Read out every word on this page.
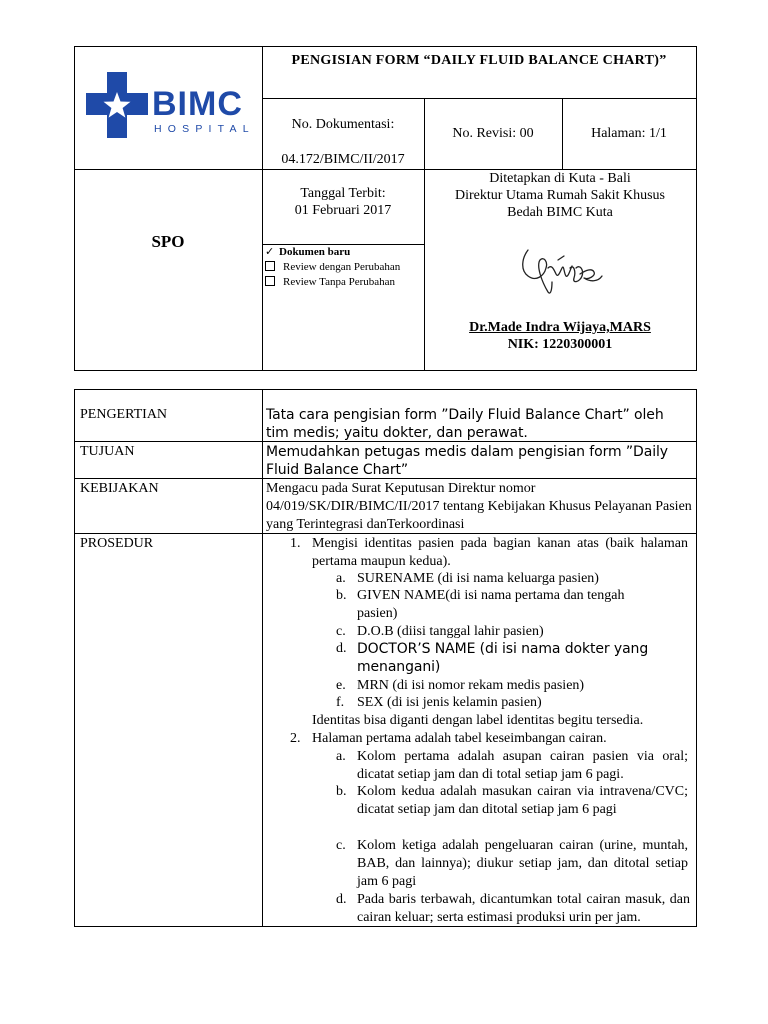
BIMC
HOSPITAL
PENGISIAN FORM “DAILY FLUID BALANCE CHART)”
No. Dokumentasi:
04.172/BIMC/II/2017
No. Revisi: 00	Halaman: 1/1
SPO
Tanggal Terbit:
01 Februari 2017
✓ Dokumen baru
Review dengan Perubahan
Review Tanpa Perubahan
Ditetapkan di Kuta - Bali
Direktur Utama Rumah Sakit Khusus
Bedah BIMC Kuta
Dr.Made Indra Wijaya,MARS
NIK: 1220300001
PENGERTIAN	Tata cara pengisian form ”Daily Fluid Balance Chart” oleh tim medis; yaitu dokter, dan perawat.
TUJUAN	Memudahkan petugas medis dalam pengisian form ”Daily Fluid Balance Chart”
KEBIJAKAN	Mengacu pada Surat Keputusan Direktur nomor 04/019/SK/DIR/BIMC/II/2017 tentang Kebijakan Khusus Pelayanan Pasien yang Terintegrasi danTerkoordinasi
PROSEDUR	1. Mengisi identitas pasien pada bagian kanan atas (baik halaman pertama maupun kedua).
a. SURENAME (di isi nama keluarga pasien)
b. GIVEN NAME(di isi nama pertama dan tengah pasien)
c. D.O.B (diisi tanggal lahir pasien)
d. DOCTOR’S NAME (di isi nama dokter yang menangani)
e. MRN (di isi nomor rekam medis pasien)
f. SEX (di isi jenis kelamin pasien)
Identitas bisa diganti dengan label identitas begitu tersedia.
2. Halaman pertama adalah tabel keseimbangan cairan.
a. Kolom pertama adalah asupan cairan pasien via oral; dicatat setiap jam dan di total setiap jam 6 pagi.
b. Kolom kedua adalah masukan cairan via intravena/CVC; dicatat setiap jam dan ditotal setiap jam 6 pagi
c. Kolom ketiga adalah pengeluaran cairan (urine, muntah, BAB, dan lainnya); diukur setiap jam, dan ditotal setiap jam 6 pagi
d. Pada baris terbawah, dicantumkan total cairan masuk, dan cairan keluar; serta estimasi produksi urin per jam.
